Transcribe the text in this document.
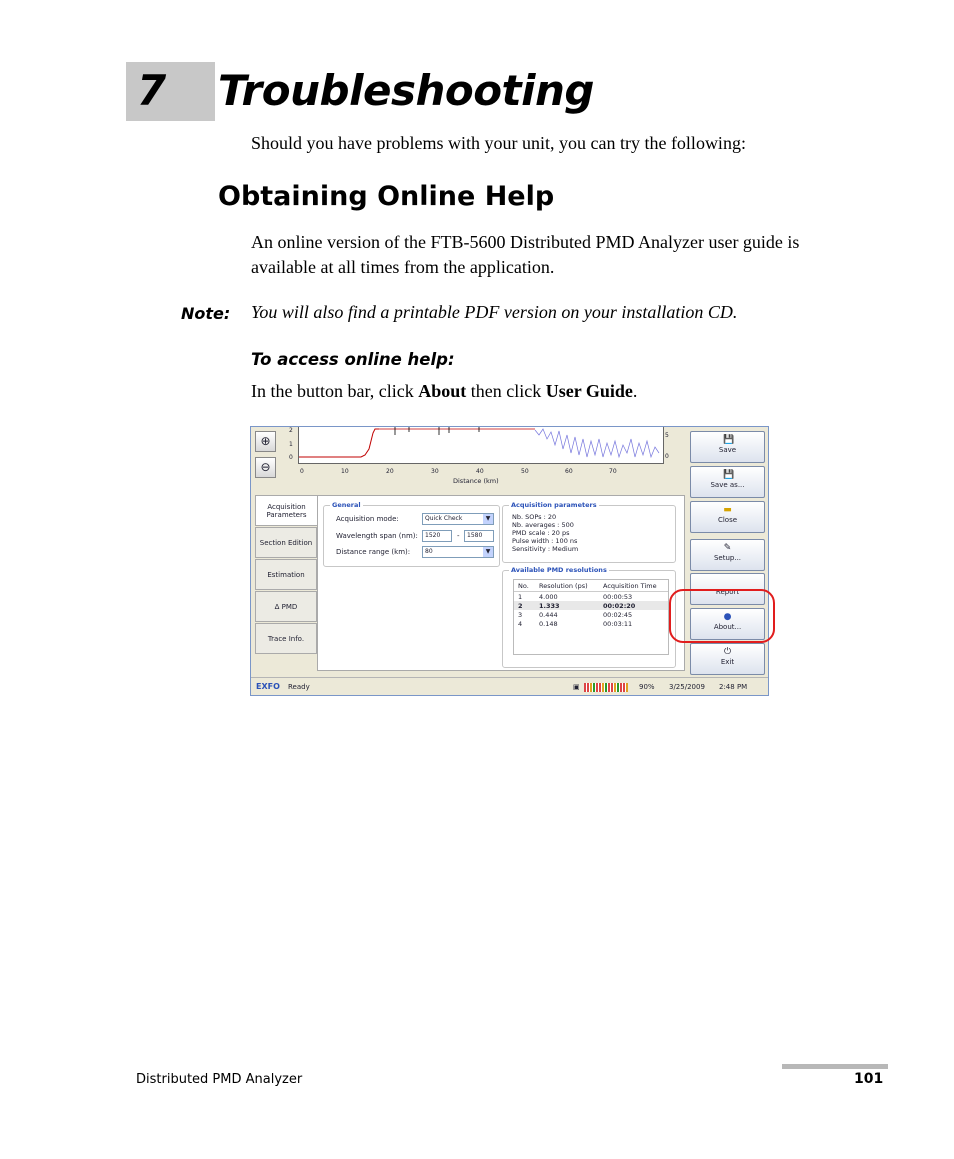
7 Troubleshooting
Should you have problems with your unit, you can try the following:
Obtaining Online Help
An online version of the FTB-5600 Distributed PMD Analyzer user guide is
available at all times from the application.
Note: You will also find a printable PDF version on your installation CD.
To access online help:
In the button bar, click About then click User Guide.
⊕
⊖
2
1
0
5
0
0	10	20	30	40	50	60	70
Distance (km)
Acquisition Parameters
Section Edition
Estimation
Δ PMD
Trace Info.
General
Acquisition mode:	Quick Check	▼
Wavelength span (nm):	1520	-	1580
Distance range (km):	80	▼
Acquisition parameters
Nb. SOPs : 20
Nb. averages : 500
PMD scale : 20 ps
Pulse width : 100 ns
Sensitivity : Medium
Available PMD resolutions
No. Resolution (ps) Acquisition Time
1	4.000	00:00:53
2	1.333	00:02:20
3	0.444	00:02:45
4	0.148	00:03:11
💾
Save
💾
Save as...
▬
Close
✎
Setup...
Report
●
About...
⏻
Exit
EXFO Ready	▣	90% 3/25/2009 2:48 PM
Distributed PMD Analyzer	101
